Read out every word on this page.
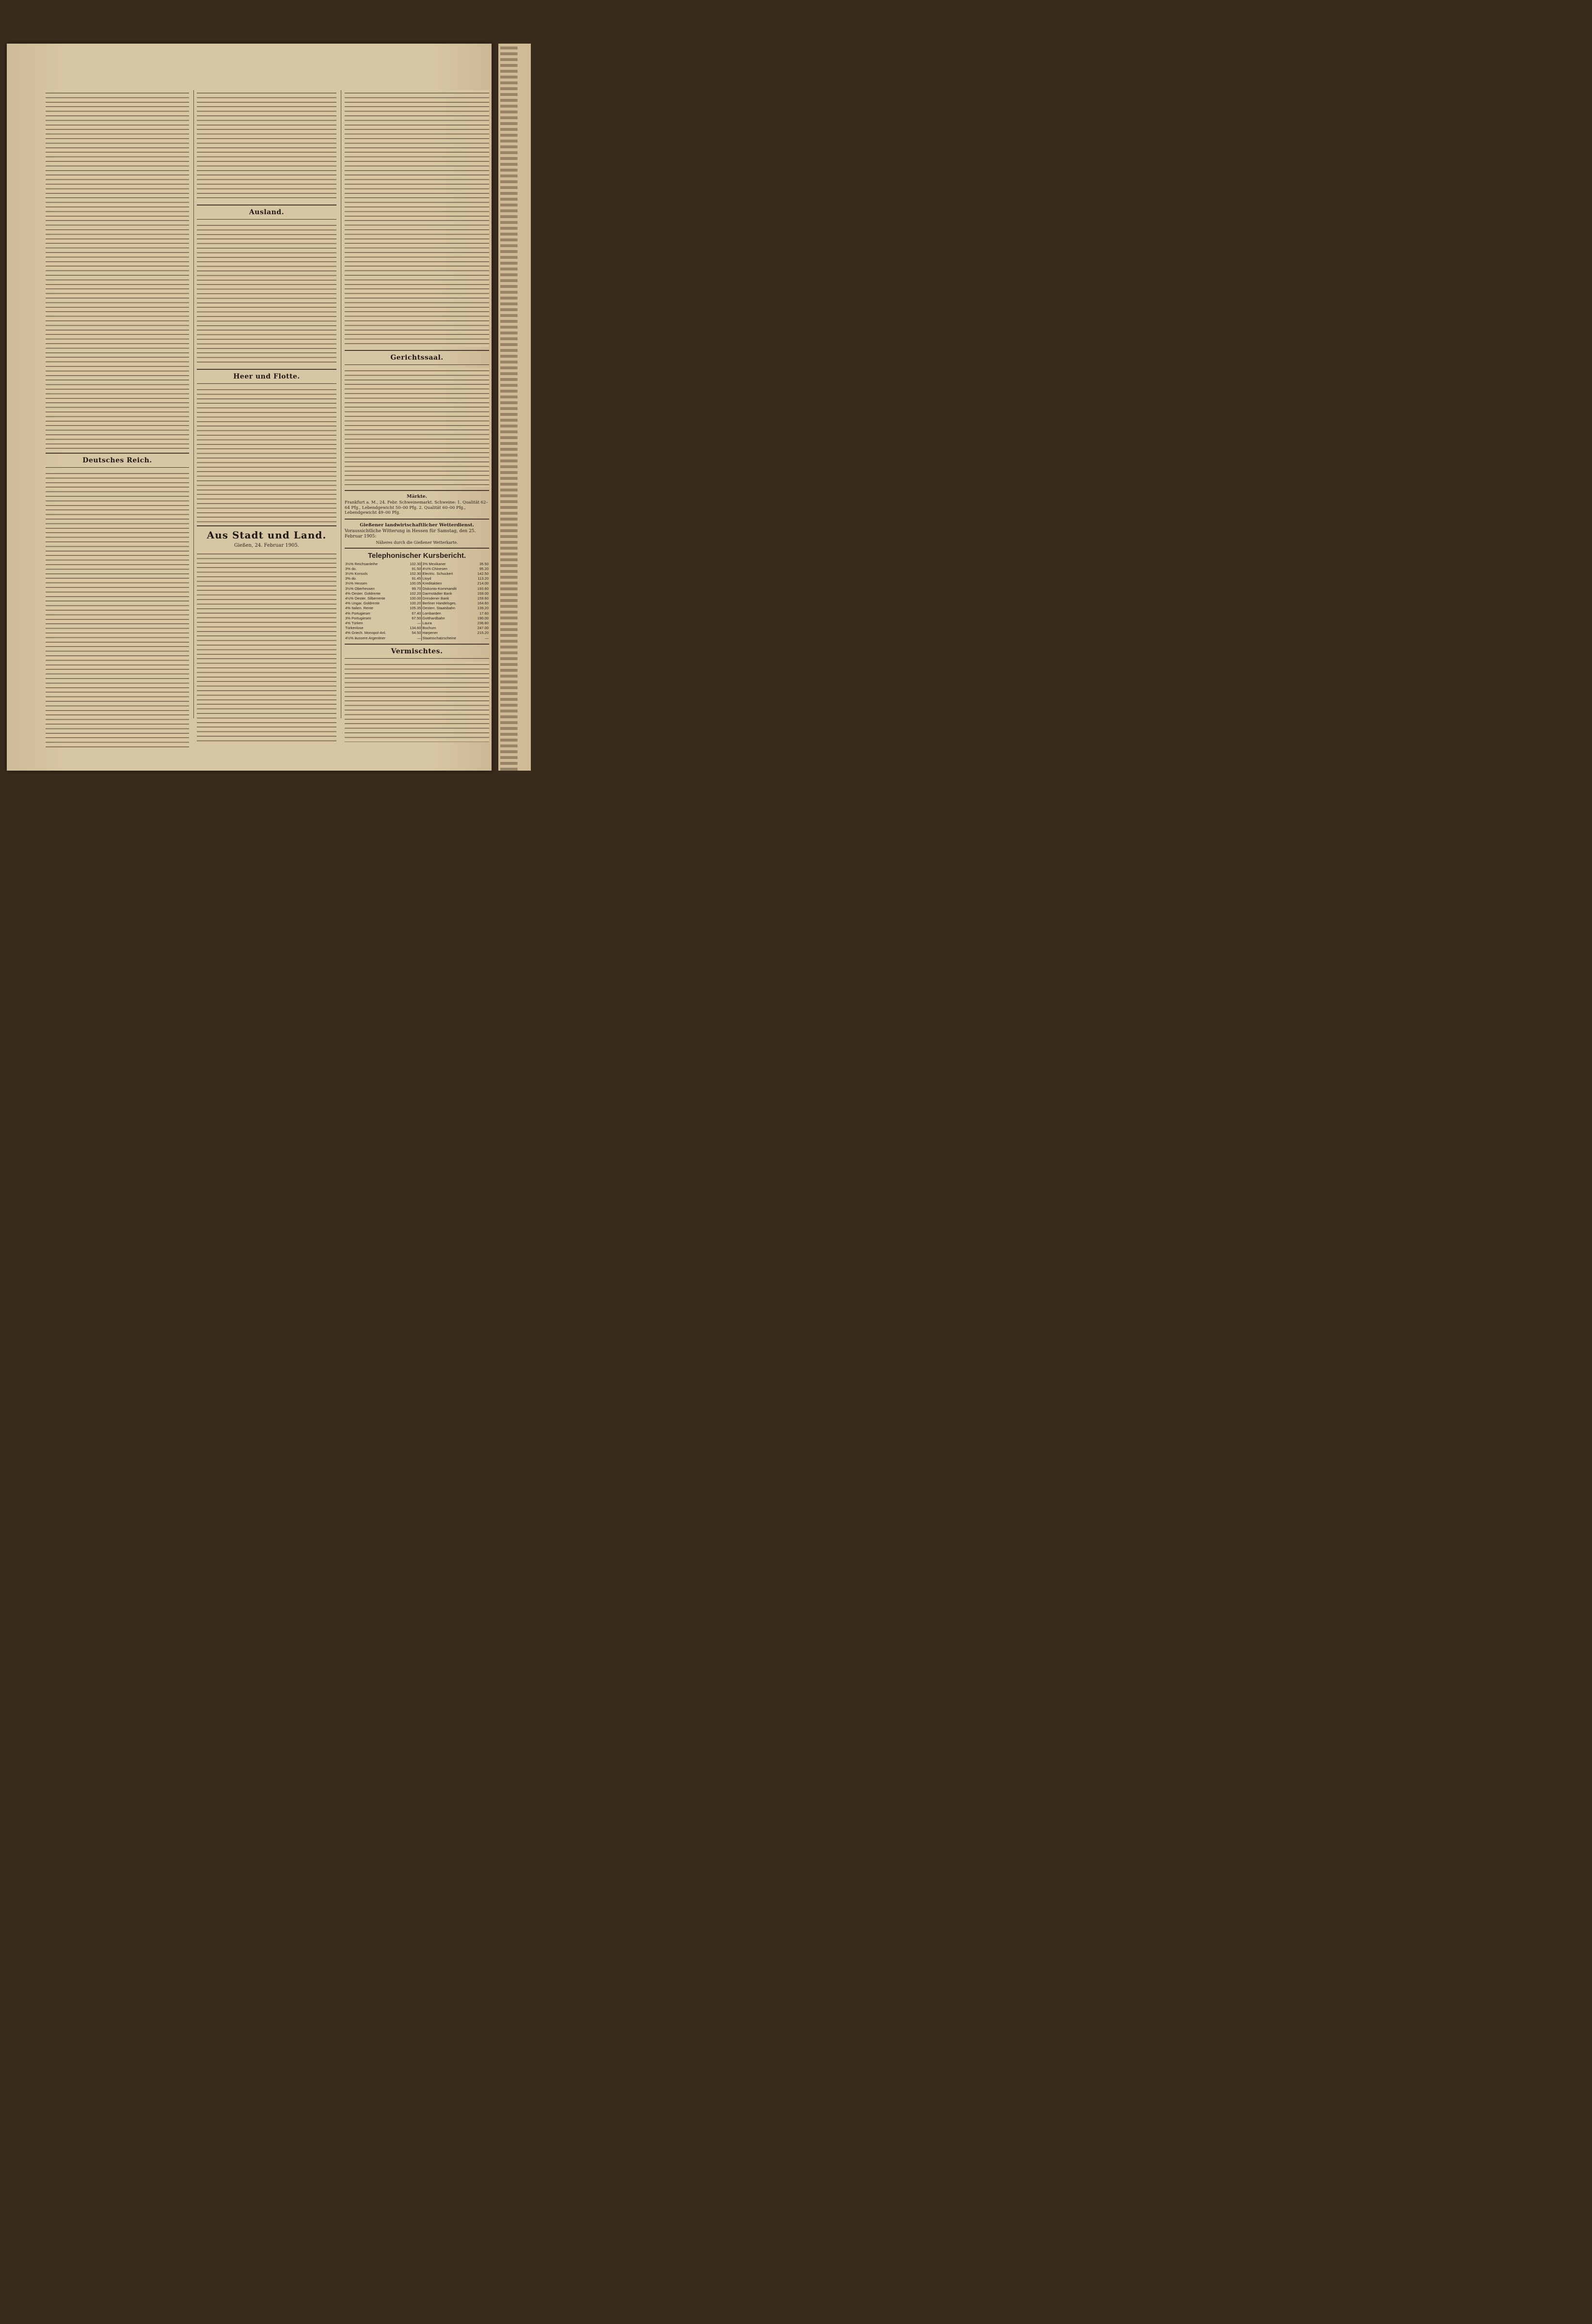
Deutsches Reich.
Ausland.
Heer und Flotte.
Aus Stadt und Land.
Gießen, 24. Februar 1905.
Gerichtssaal.
Märkte.
Frankfurt a. M., 24. Febr. Schweinemarkt. Schweine: 1. Qualität 62–64 Pfg., Lebendgewicht 50–00 Pfg. 2. Qualität 60–00 Pfg., Lebendgewicht 49–00 Pfg.
Gießener landwirtschaftlicher Wetterdienst.
Voraussichtliche Witterung in Hessen für Samstag, den 25. Februar 1905:
Näheres durch die Gießener Wetterkarte.
Telephonischer Kursbericht.
3½% Reichsanleihe	102.30	3% Mexikaner	35.50
3% do.	91.50	4½% Chinesen	95.20
3½% Konsols	102.30	Electric. Schuckert	142.50
3% do.	91.45	Lloyd	113.20
3½% Hessen	100.05	Kreditaktien	214.00
3½% Oberhessen	99.70	Diskonto-Kommandit	193.60
4% Oester. Goldrente	102.20	Darmstädter Bank	159.00
4½% Oester. Silberrente	100.00	Dresdener Bank	159.60
4% Ungar. Goldrente	100.20	Berliner Handelsges.	164.60
4% Italien. Rente	105.35	Oesterr. Staatsbahn	139.20
4% Portugieser	67.40	Lombarden	17.60
3% Portugiesen	67.50	Gotthardbahn	190.00
4% Türken	—	Laura	236.60
Türkenlose	134.60	Bochum	247.00
4% Griech. Monopol-Anl.	54.50	Harpener	215.20
4½% äussere Argentiner	—	Staatsschatzscheine	—
Vermischtes.
